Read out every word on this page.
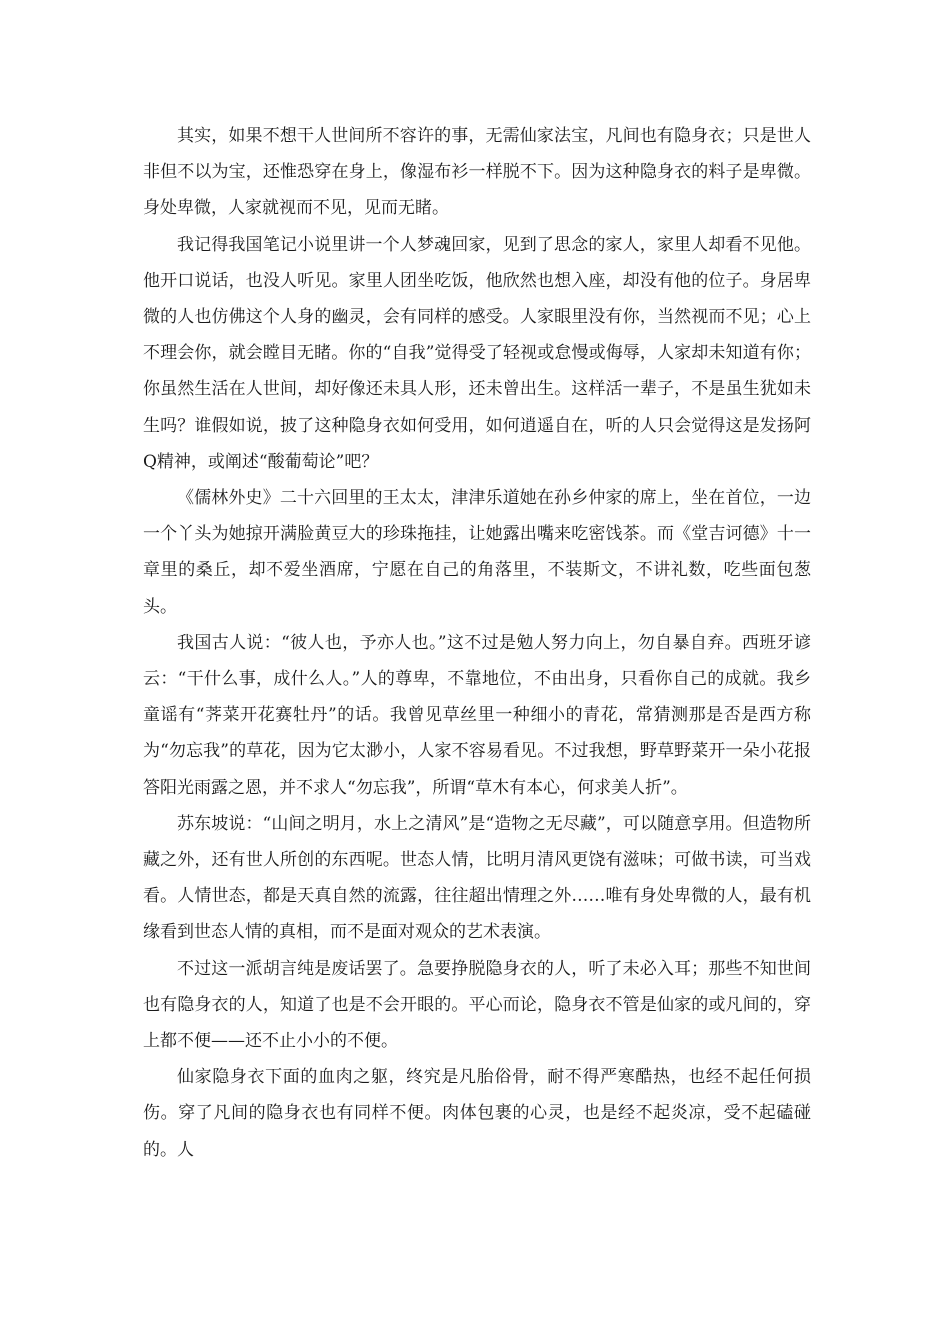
其实，如果不想干人世间所不容许的事，无需仙家法宝，凡间也有隐身衣；只是世人非但不以为宝，还惟恐穿在身上，像湿布衫一样脱不下。因为这种隐身衣的料子是卑微。身处卑微，人家就视而不见，见而无睹。

我记得我国笔记小说里讲一个人梦魂回家，见到了思念的家人，家里人却看不见他。他开口说话，也没人听见。家里人团坐吃饭，他欣然也想入座，却没有他的位子。身居卑微的人也仿佛这个人身的幽灵，会有同样的感受。人家眼里没有你，当然视而不见；心上不理会你，就会瞠目无睹。你的“自我”觉得受了轻视或怠慢或侮辱，人家却未知道有你；你虽然生活在人世间，却好像还未具人形，还未曾出生。这样活一辈子，不是虽生犹如未生吗？谁假如说，披了这种隐身衣如何受用，如何逍遥自在，听的人只会觉得这是发扬阿Q精神，或阐述“酸葡萄论”吧？

《儒林外史》二十六回里的王太太，津津乐道她在孙乡仲家的席上，坐在首位，一边一个丫头为她掠开满脸黄豆大的珍珠拖挂，让她露出嘴来吃密饯茶。而《堂吉诃德》十一章里的桑丘，却不爱坐酒席，宁愿在自己的角落里，不装斯文，不讲礼数，吃些面包葱头。

我国古人说：“彼人也，予亦人也。”这不过是勉人努力向上，勿自暴自弃。西班牙谚云：“干什么事，成什么人。”人的尊卑，不靠地位，不由出身，只看你自己的成就。我乡童谣有“荠菜开花赛牡丹”的话。我曾见草丝里一种细小的青花，常猜测那是否是西方称为“勿忘我”的草花，因为它太渺小，人家不容易看见。不过我想，野草野菜开一朵小花报答阳光雨露之恩，并不求人“勿忘我”，所谓“草木有本心，何求美人折”。

苏东坡说：“山间之明月，水上之清风”是“造物之无尽藏”，可以随意享用。但造物所藏之外，还有世人所创的东西呢。世态人情，比明月清风更饶有滋味；可做书读，可当戏看。人情世态，都是天真自然的流露，往往超出情理之外……唯有身处卑微的人，最有机缘看到世态人情的真相，而不是面对观众的艺术表演。

不过这一派胡言纯是废话罢了。急要挣脱隐身衣的人，听了未必入耳；那些不知世间也有隐身衣的人，知道了也是不会开眼的。平心而论，隐身衣不管是仙家的或凡间的，穿上都不便——还不止小小的不便。

仙家隐身衣下面的血肉之躯，终究是凡胎俗骨，耐不得严寒酷热，也经不起任何损伤。穿了凡间的隐身衣也有同样不便。肉体包裹的心灵，也是经不起炎凉，受不起磕碰的。人
